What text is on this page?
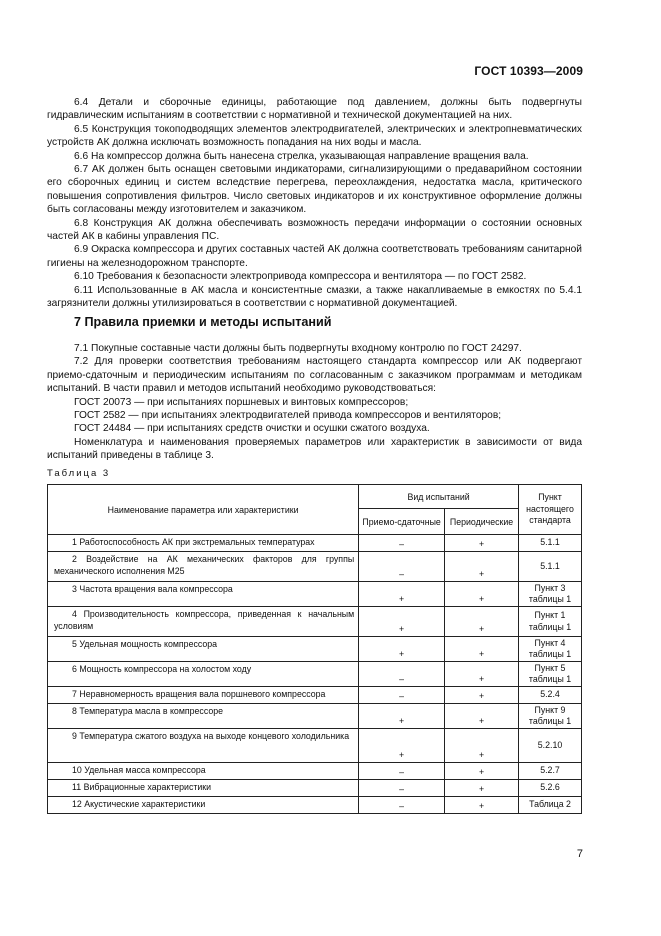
ГОСТ 10393—2009

6.4 Детали и сборочные единицы, работающие под давлением, должны быть подвергнуты гидравлическим испытаниям в соответствии с нормативной и технической документацией на них.

6.5 Конструкция токоподводящих элементов электродвигателей, электрических и электропневматических устройств АК должна исключать возможность попадания на них воды и масла.

6.6 На компрессор должна быть нанесена стрелка, указывающая направление вращения вала.

6.7 АК должен быть оснащен световыми индикаторами, сигнализирующими о предаварийном состоянии его сборочных единиц и систем вследствие перегрева, переохлаждения, недостатка масла, критического повышения сопротивления фильтров. Число световых индикаторов и их конструктивное оформление должны быть согласованы между изготовителем и заказчиком.

6.8 Конструкция АК должна обеспечивать возможность передачи информации о состоянии основных частей АК в кабины управления ПС.

6.9 Окраска компрессора и других составных частей АК должна соответствовать требованиям санитарной гигиены на железнодорожном транспорте.

6.10 Требования к безопасности электропривода компрессора и вентилятора — по ГОСТ 2582.

6.11 Использованные в АК масла и консистентные смазки, а также накапливаемые в емкостях по 5.4.1 загрязнители должны утилизироваться в соответствии с нормативной документацией.

7 Правила приемки и методы испытаний

7.1 Покупные составные части должны быть подвергнуты входному контролю по ГОСТ 24297.

7.2 Для проверки соответствия требованиям настоящего стандарта компрессор или АК подвергают приемо-сдаточным и периодическим испытаниям по согласованным с заказчиком программам и методикам испытаний. В части правил и методов испытаний необходимо руководствоваться:

ГОСТ 20073 — при испытаниях поршневых и винтовых компрессоров;

ГОСТ 2582 — при испытаниях электродвигателей привода компрессоров и вентиляторов;

ГОСТ 24484 — при испытаниях средств очистки и осушки сжатого воздуха.

Номенклатура и наименования проверяемых параметров или характеристик в зависимости от вида испытаний приведены в таблице 3.

Таблица 3
Наименование параметра или характеристики	Вид испытаний		Пункт настоящего стандарта
	Приемо-сдаточные	Периодические	
1 Работоспособность АК при экстремальных температурах	–	+	5.1.1
2 Воздействие на АК механических факторов для группы механического исполнения М25	–	+	5.1.1
3 Частота вращения вала компрессора	+	+	Пункт 3 таблицы 1
4 Производительность компрессора, приведенная к начальным условиям	+	+	Пункт 1 таблицы 1
5 Удельная мощность компрессора	+	+	Пункт 4 таблицы 1
6 Мощность компрессора на холостом ходу	–	+	Пункт 5 таблицы 1
7 Неравномерность вращения вала поршневого компрессора	–	+	5.2.4
8 Температура масла в компрессоре	+	+	Пункт 9 таблицы 1
9 Температура сжатого воздуха на выходе концевого холодильника	+	+	5.2.10
10 Удельная масса компрессора	–	+	5.2.7
11 Вибрационные характеристики	–	+	5.2.6
12 Акустические характеристики	–	+	Таблица 2
7
